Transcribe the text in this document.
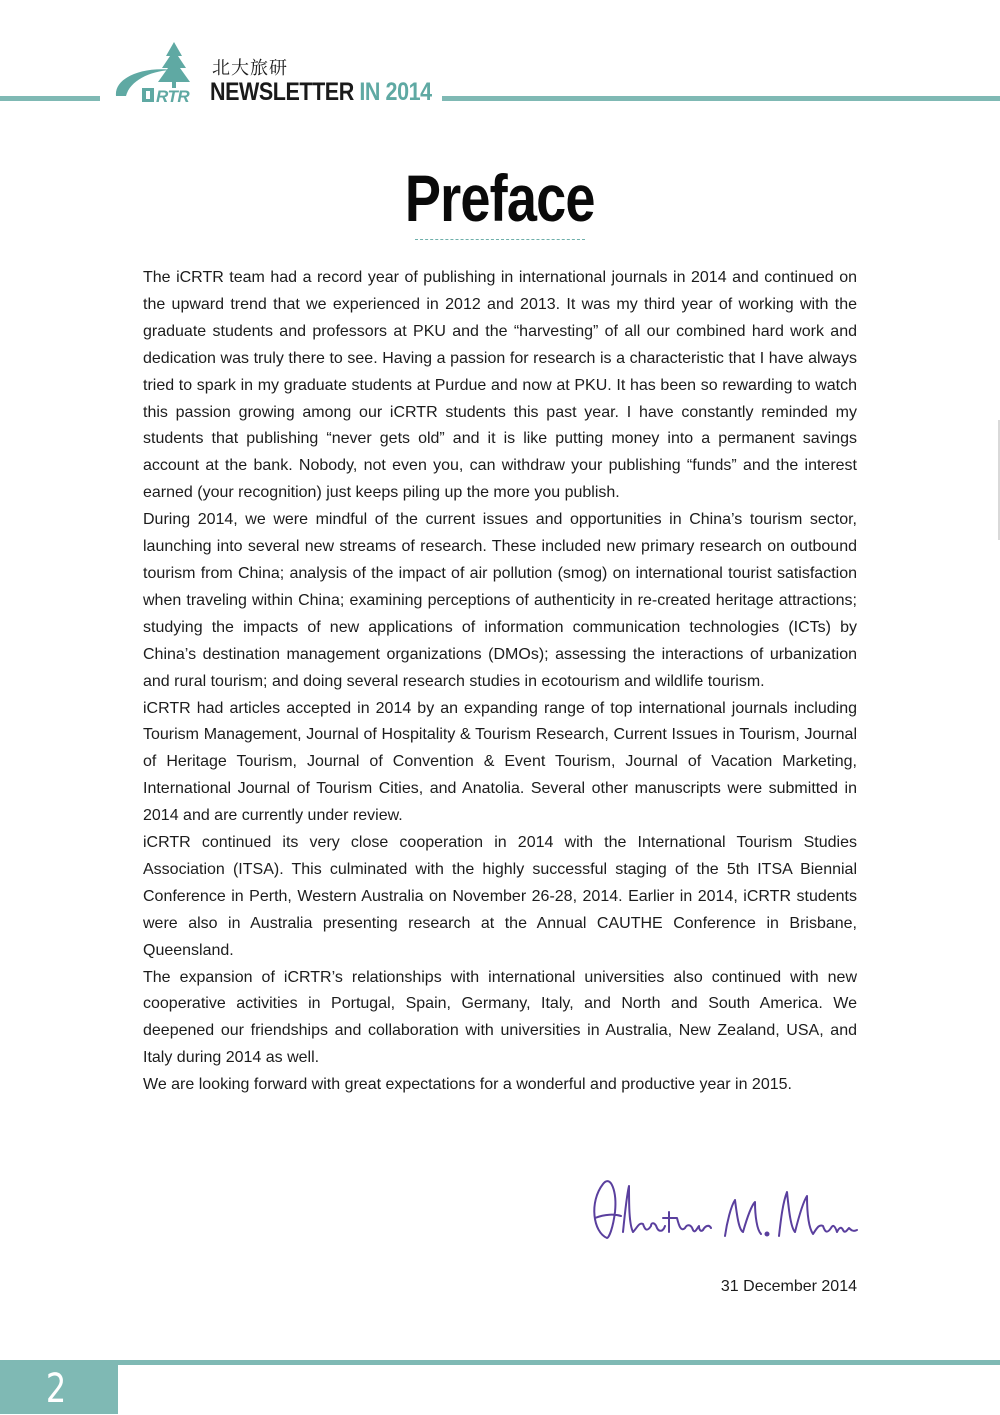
RTR
北大旅研
NEWSLETTER IN 2014
Preface

The iCRTR team had a record year of publishing in international journals in 2014 and continued on the upward trend that we experienced in 2012 and 2013. It was my third year of working with the graduate students and professors at PKU and the “harvesting” of all our combined hard work and dedication was truly there to see. Having a passion for research is a characteristic that I have always tried to spark in my graduate students at Purdue and now at PKU. It has been so rewarding to watch this passion growing among our iCRTR students this past year. I have constantly reminded my students that publishing “never gets old” and it is like putting money into a permanent savings account at the bank. Nobody, not even you, can withdraw your publishing “funds” and the interest earned (your recognition) just keeps piling up the more you publish.

During 2014, we were mindful of the current issues and opportunities in China’s tourism sector, launching into several new streams of research. These included new primary research on outbound tourism from China; analysis of the impact of air pollution (smog) on international tourist satisfaction when traveling within China; examining perceptions of authenticity in re-created heritage attractions; studying the impacts of new applications of information communication technologies (ICTs) by China’s destination management organizations (DMOs); assessing the interactions of urbanization and rural tourism; and doing several research studies in ecotourism and wildlife tourism.

iCRTR had articles accepted in 2014 by an expanding range of top international journals including Tourism Management, Journal of Hospitality & Tourism Research, Current Issues in Tourism, Journal of Heritage Tourism, Journal of Convention & Event Tourism, Journal of Vacation Marketing, International Journal of Tourism Cities, and Anatolia. Several other manuscripts were submitted in 2014 and are currently under review.

iCRTR continued its very close cooperation in 2014 with the International Tourism Studies Association (ITSA). This culminated with the highly successful staging of the 5th ITSA Biennial Conference in Perth, Western Australia on November 26-28, 2014. Earlier in 2014, iCRTR students were also in Australia presenting research at the Annual CAUTHE Conference in Brisbane, Queensland.

The expansion of iCRTR’s relationships with international universities also continued with new cooperative activities in Portugal, Spain, Germany, Italy, and North and South America. We deepened our friendships and collaboration with universities in Australia, New Zealand, USA, and Italy during 2014 as well.

We are looking forward with great expectations for a wonderful and productive year in 2015.

31 December 2014
2
